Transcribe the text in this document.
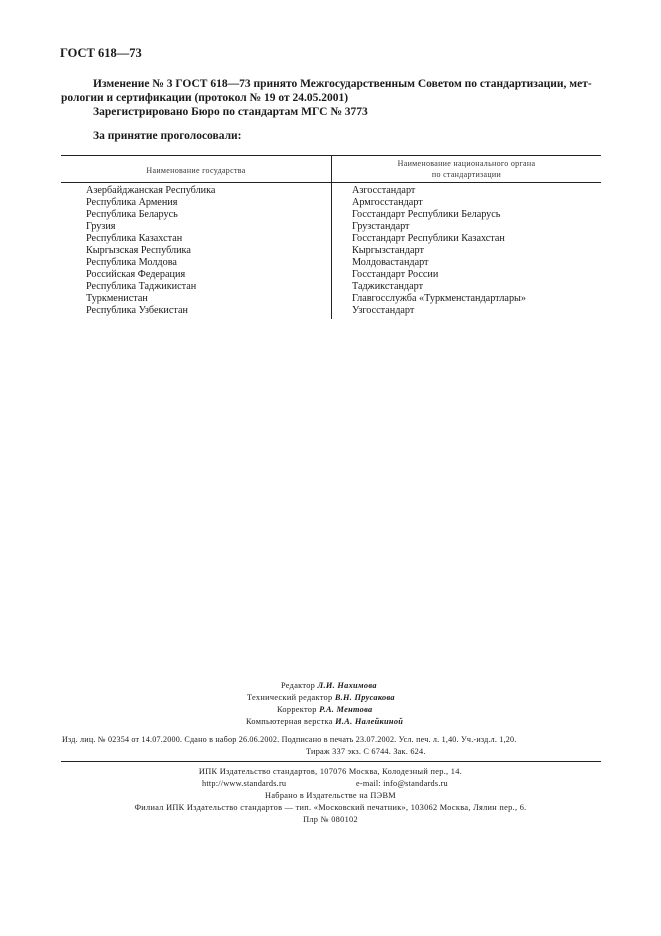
ГОСТ 618—73
Изменение № 3 ГОСТ 618—73 принято Межгосударственным Советом по стандартизации, мет-
рологии и сертификации (протокол № 19 от 24.05.2001)
Зарегистрировано Бюро по стандартам МГС № 3773
За принятие проголосовали:
Наименование государства
Наименование национального органа
по стандартизации
Азербайджанская Республика	Азгосстандарт
Республика Армения	Армгосстандарт
Республика Беларусь	Госстандарт Республики Беларусь
Грузия	Грузстандарт
Республика Казахстан	Госстандарт Республики Казахстан
Кыргызская Республика	Кыргызстандарт
Республика Молдова	Молдовастандарт
Российская Федерация	Госстандарт России
Республика Таджикистан	Таджикстандарт
Туркменистан	Главгосслужба «Туркменстандартлары»
Республика Узбекистан	Узгосстандарт
Редактор Л.И. Нахимова
Технический редактор В.Н. Прусакова
Корректор Р.А. Ментова
Компьютерная верстка И.А. Налейкиной
Изд. лиц. № 02354 от 14.07.2000. Сдано в набор 26.06.2002. Подписано в печать 23.07.2002. Усл. печ. л. 1,40. Уч.-изд.л. 1,20.
Тираж 337 экз. С 6744. Зак. 624.
ИПК Издательство стандартов, 107076 Москва, Колодезный пер., 14.
http://www.standards.ru	e-mail: info@standards.ru
Набрано в Издательстве на ПЭВМ
Филиал ИПК Издательство стандартов — тип. «Московский печатник», 103062 Москва, Лялин пер., 6.
Плр № 080102
